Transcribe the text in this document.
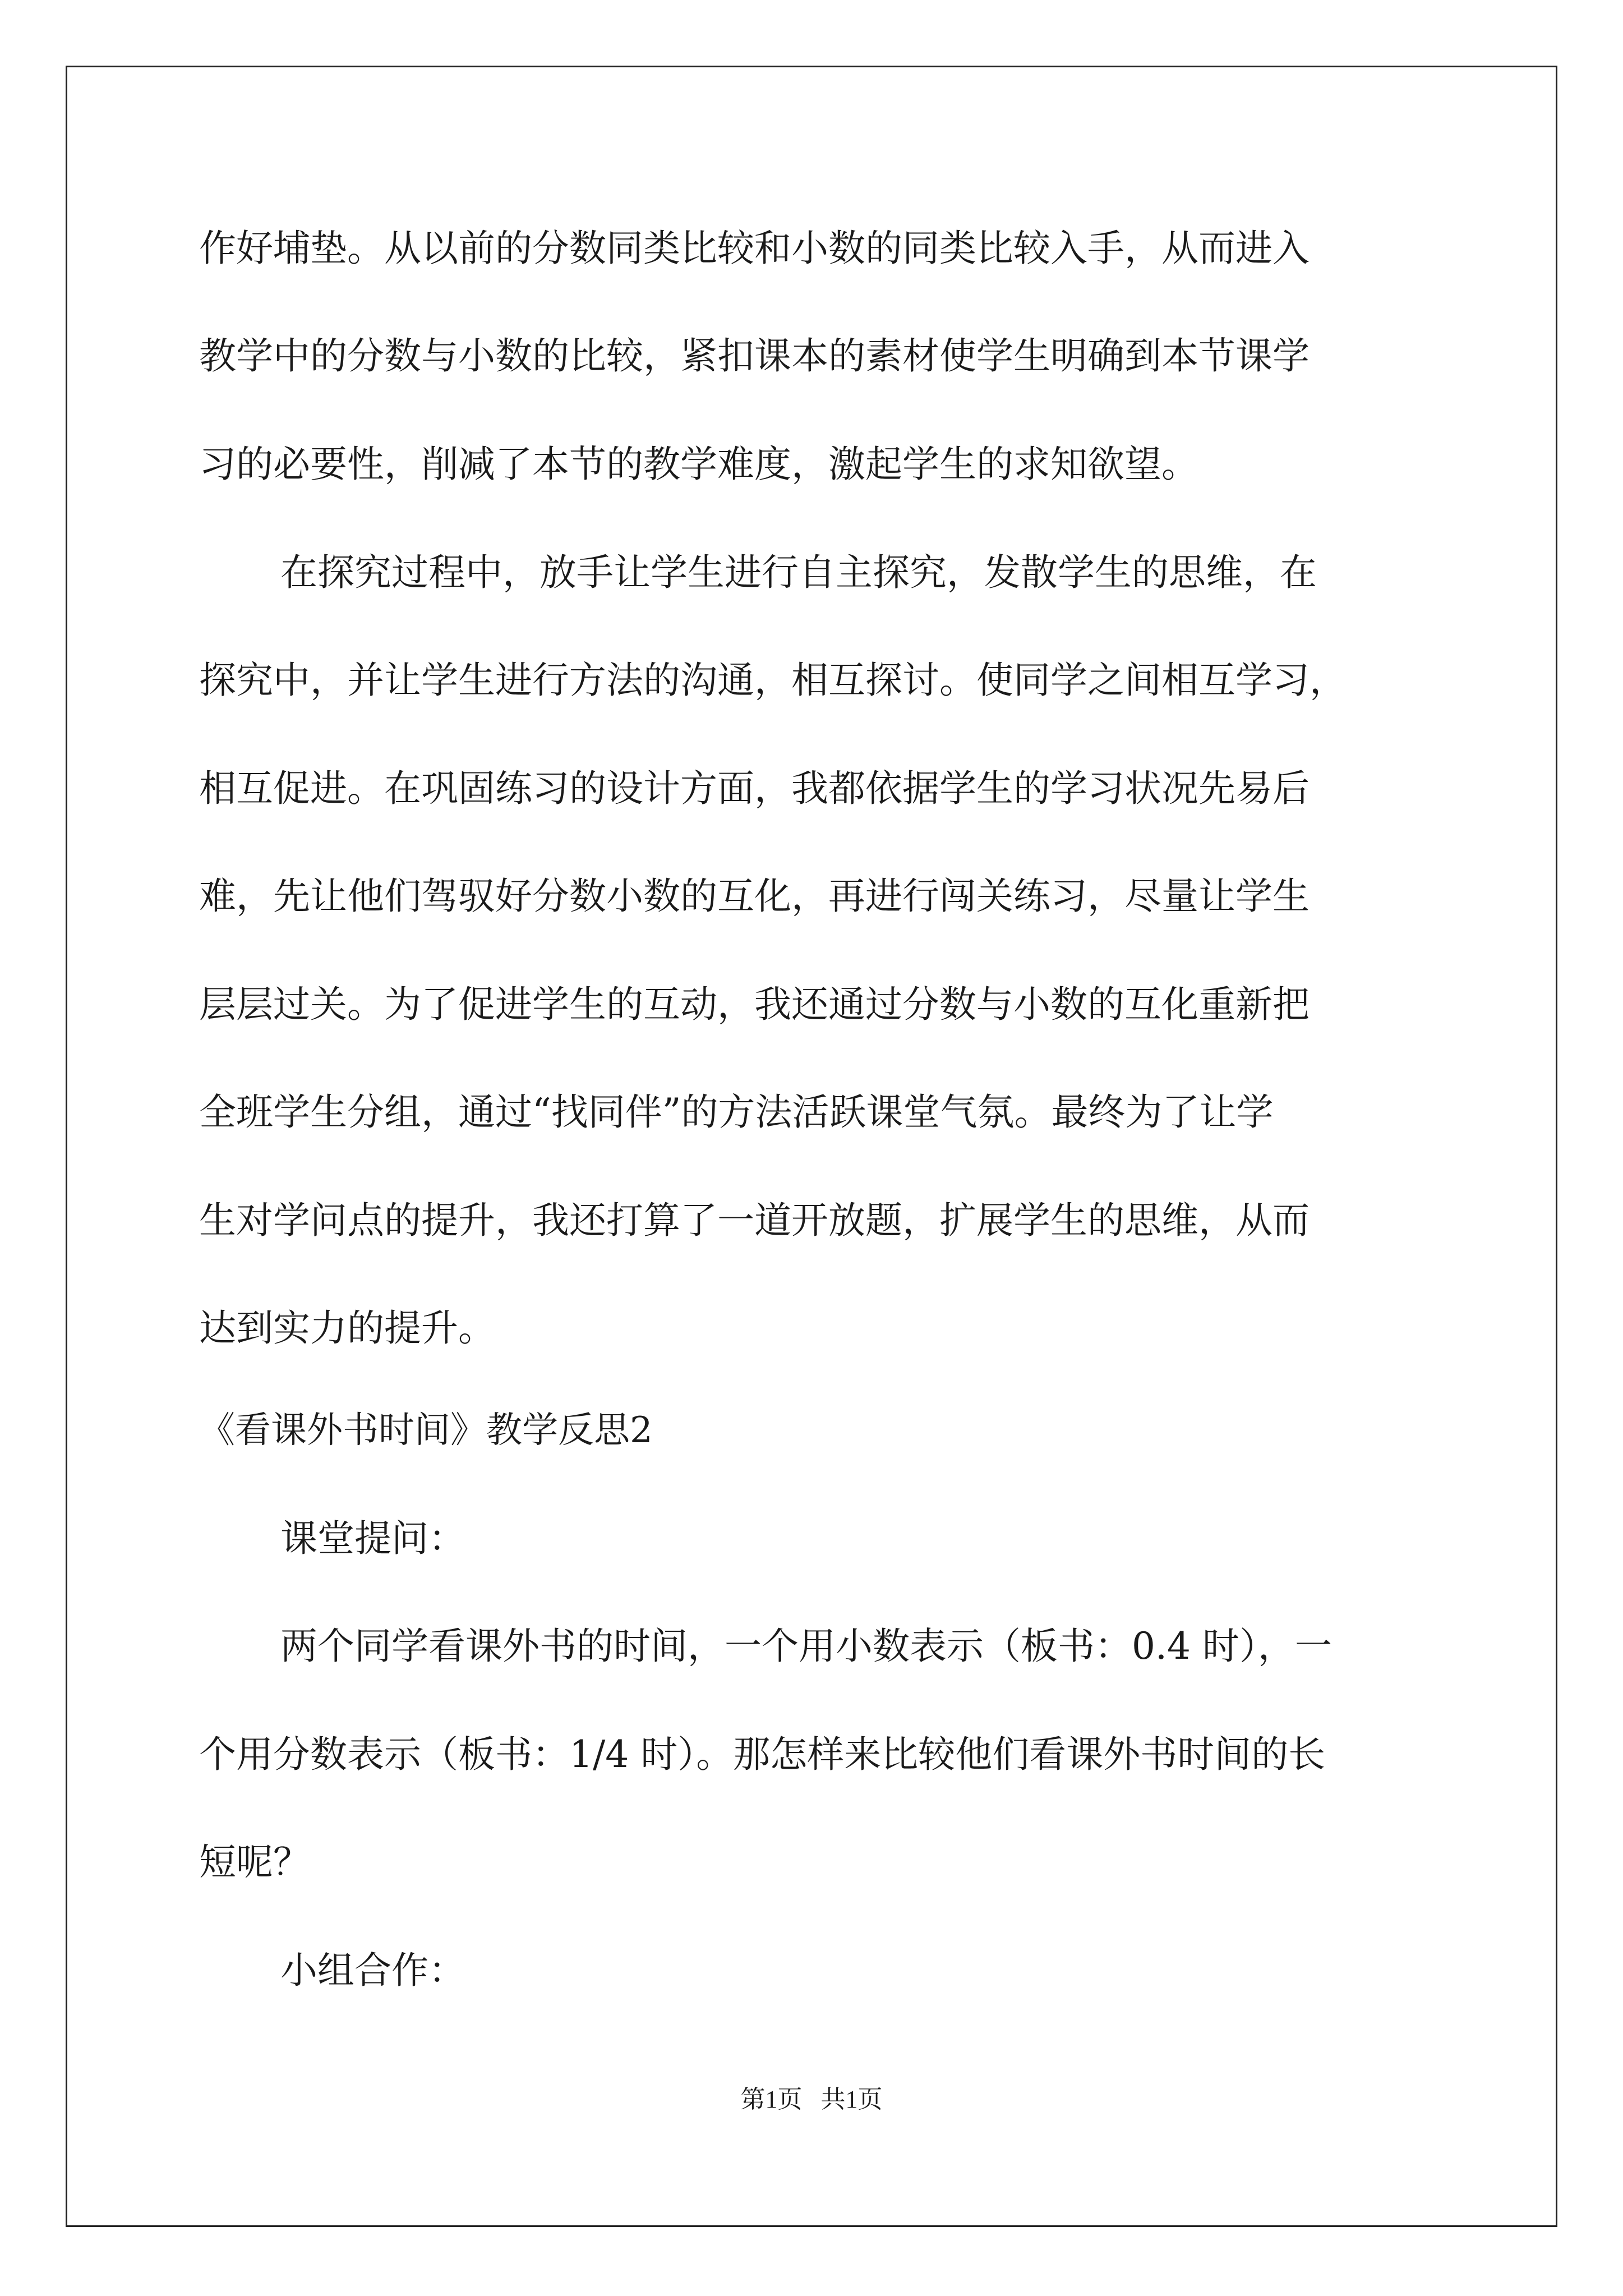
作好埔垫。从以前的分数同类比较和小数的同类比较入手，从而进入

教学中的分数与小数的比较，紧扣课本的素材使学生明确到本节课学

习的必要性，削减了本节的教学难度，激起学生的求知欲望。

在探究过程中，放手让学生进行自主探究，发散学生的思维，在

探究中，并让学生进行方法的沟通，相互探讨。使同学之间相互学习，

相互促进。在巩固练习的设计方面，我都依据学生的学习状况先易后

难，先让他们驾驭好分数小数的互化，再进行闯关练习，尽量让学生

层层过关。为了促进学生的互动，我还通过分数与小数的互化重新把

全班学生分组，通过“找同伴”的方法活跃课堂气氛。最终为了让学

生对学问点的提升，我还打算了一道开放题，扩展学生的思维，从而

达到实力的提升。

《看课外书时间》教学反思2

课堂提问：

两个同学看课外书的时间，一个用小数表示（板书：0.4 时），一

个用分数表示（板书：1/4 时）。那怎样来比较他们看课外书时间的长

短呢？

小组合作：

第1页   共1页
